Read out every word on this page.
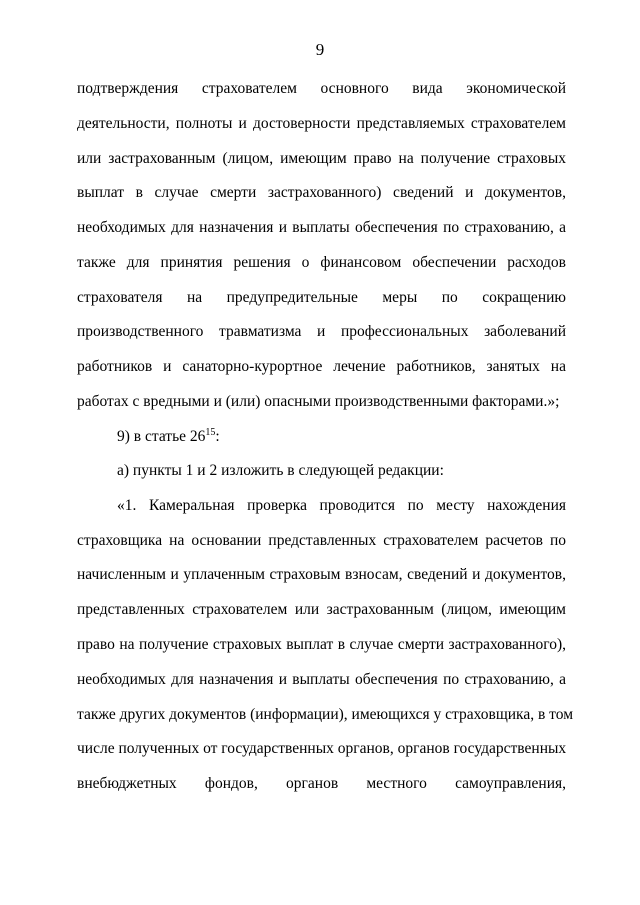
9
подтверждения страхователем основного вида экономической
деятельности, полноты и достоверности представляемых страхователем
или застрахованным (лицом, имеющим право на получение страховых
выплат в случае смерти застрахованного) сведений и документов,
необходимых для назначения и выплаты обеспечения по страхованию, а
также для принятия решения о финансовом обеспечении расходов
страхователя на предупредительные меры по сокращению
производственного травматизма и профессиональных заболеваний
работников и санаторно-курортное лечение работников, занятых на
работах с вредными и (или) опасными производственными факторами.»;
9) в статье $26^{15}$:
а) пункты 1 и 2 изложить в следующей редакции:
«1. Камеральная проверка проводится по месту нахождения
страховщика на основании представленных страхователем расчетов по
начисленным и уплаченным страховым взносам, сведений и документов,
представленных страхователем или застрахованным (лицом, имеющим
право на получение страховых выплат в случае смерти застрахованного),
необходимых для назначения и выплаты обеспечения по страхованию, а
также других документов (информации), имеющихся у страховщика, в том
числе полученных от государственных органов, органов государственных
внебюджетных фондов, органов местного самоуправления,
